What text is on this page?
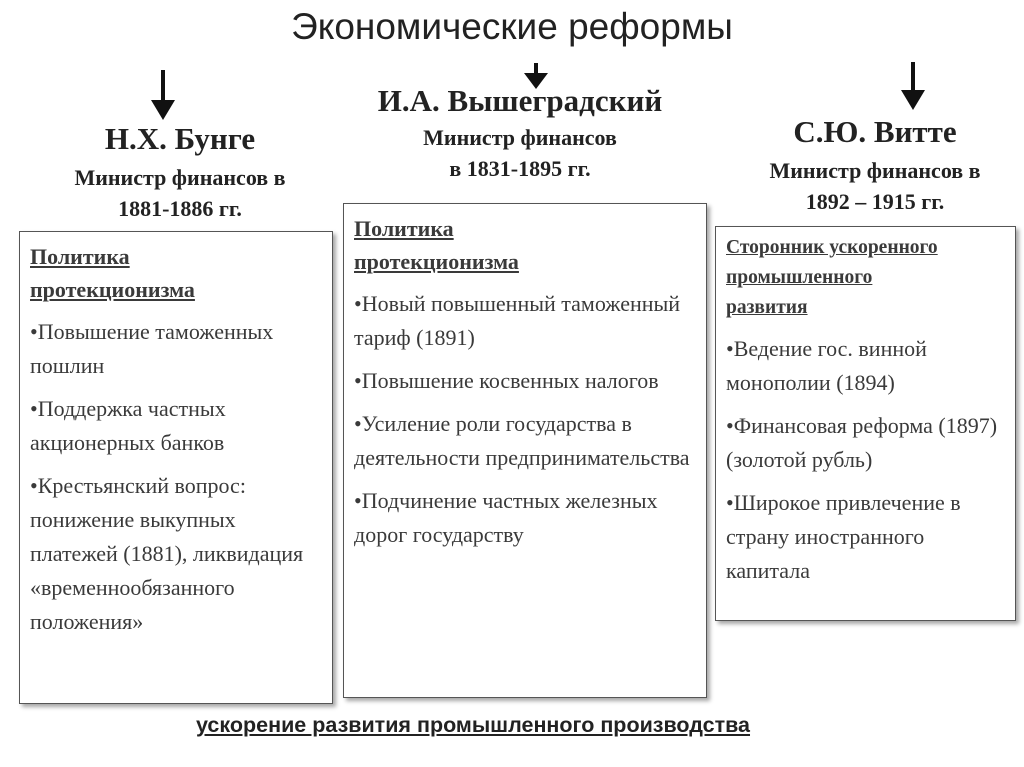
Экономические реформы
Н.Х. Бунге
Министр финансов в
1881-1886 гг.
И.А. Вышеградский
Министр финансов
в 1831-1895 гг.
С.Ю. Витте
Министр финансов в
1892 – 1915 гг.
Политика
протекционизма
• Повышение таможенных пошлин
• Поддержка частных акционерных банков
• Крестьянский вопрос: понижение выкупных платежей (1881), ликвидация «временнообязанного положения»
Политика
протекционизма
• Новый повышенный таможенный тариф (1891)
• Повышение косвенных налогов
• Усиление роли государства в деятельности предпринимательства
• Подчинение частных железных дорог государству
Сторонник ускоренного
промышленного
развития
• Ведение гос. винной монополии (1894)
• Финансовая реформа (1897) (золотой рубль)
• Широкое привлечение в страну иностранного капитала
ускорение развития промышленного производства
